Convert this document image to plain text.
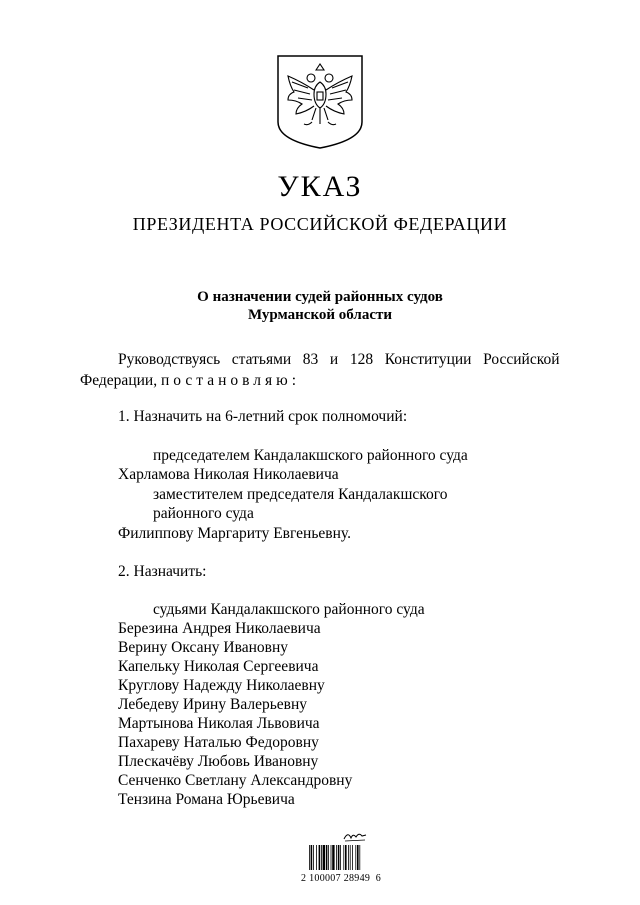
УКАЗ
ПРЕЗИДЕНТА РОССИЙСКОЙ ФЕДЕРАЦИИ
О назначении судей районных судов
Мурманской области
Руководствуясь   статьями   83   и   128   Конституции   Российской
Федерации, постановляю:
1. Назначить на 6-летний срок полномочий:
председателем Кандалакшского районного суда
Харламова Николая Николаевича
заместителем председателя Кандалакшского
районного суда
Филиппову Маргариту Евгеньевну.
2. Назначить:
судьями Кандалакшского районного суда
Березина Андрея Николаевича
Верину Оксану Ивановну
Капельку Николая Сергеевича
Круглову Надежду Николаевну
Лебедеву Ирину Валерьевну
Мартынова Николая Львовича
Пахареву Наталью Федоровну
Плескачёву Любовь Ивановну
Сенченко Светлану Александровну
Тензина Романа Юрьевича
2 100007 28949  6
